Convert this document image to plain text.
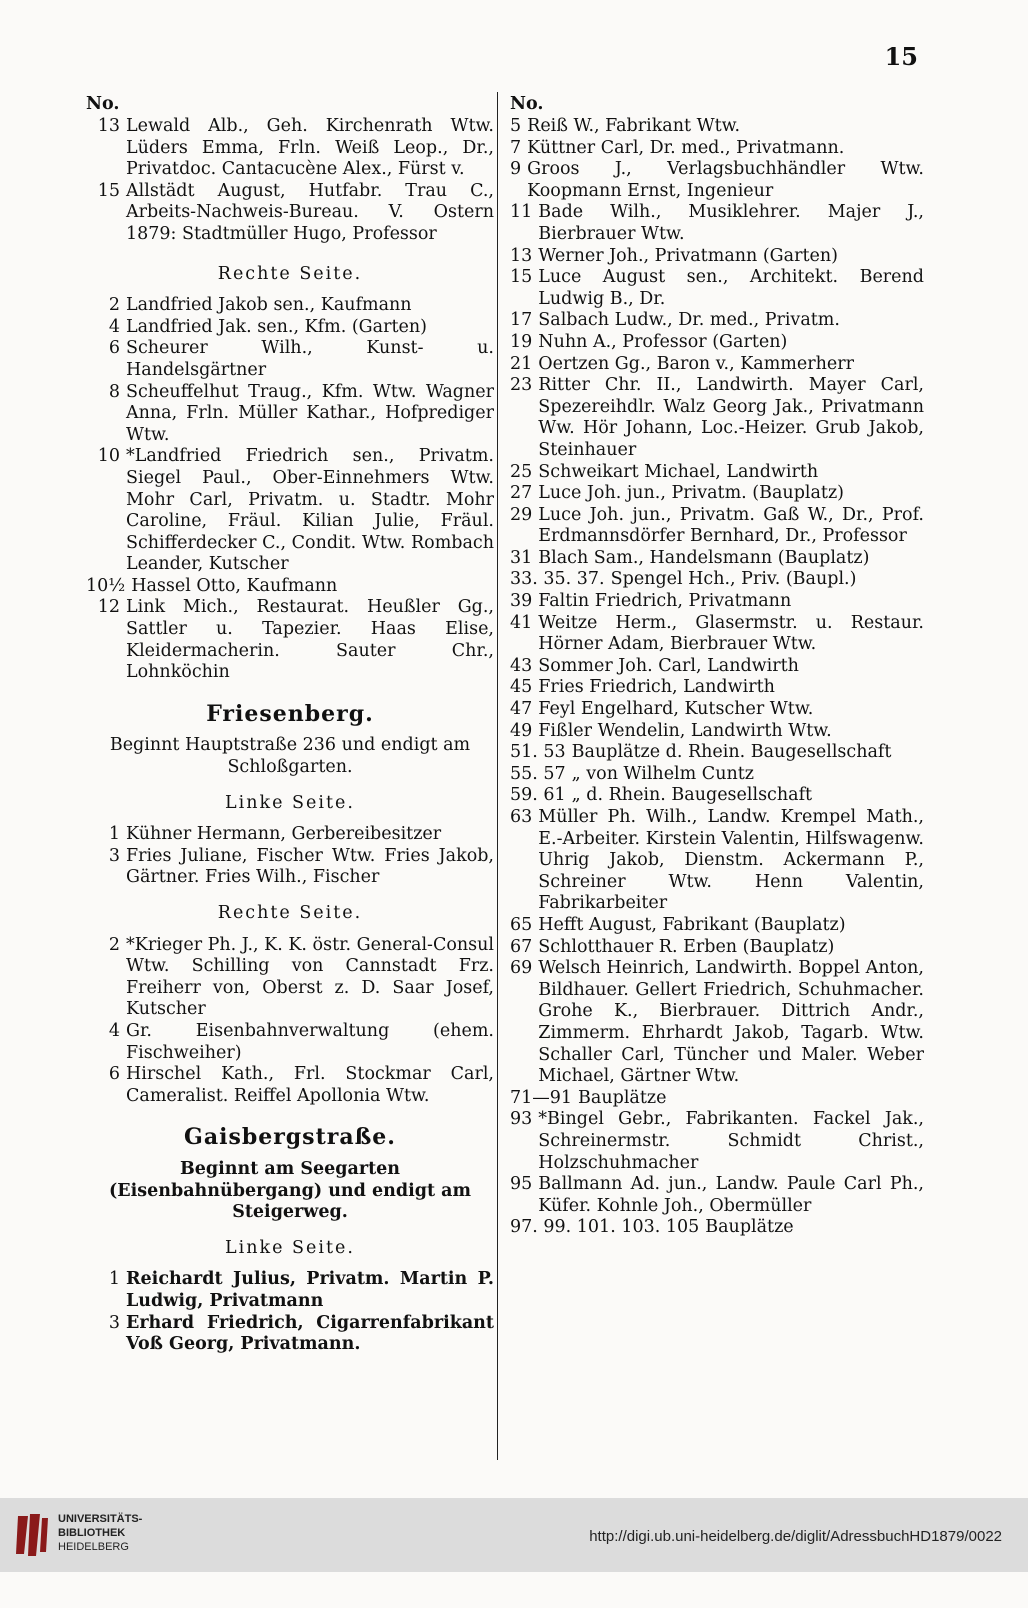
15
No.
13 Lewald Alb., Geh. Kirchenrath Wtw. Lüders Emma, Frln. Weiß Leop., Dr., Privatdoc. Cantacucène Alex., Fürst v.
15 Allstädt August, Hutfabr. Trau C., Arbeits-Nachweis-Bureau. V. Ostern 1879: Stadtmüller Hugo, Professor
Rechte Seite.
2 Landfried Jakob sen., Kaufmann
4 Landfried Jak. sen., Kfm. (Garten)
6 Scheurer Wilh., Kunst- u. Handelsgärtner
8 Scheuffelhut Traug., Kfm. Wtw. Wagner Anna, Frln. Müller Kathar., Hofprediger Wtw.
10 *Landfried Friedrich sen., Privatm. Siegel Paul., Ober-Einnehmers Wtw. Mohr Carl, Privatm. u. Stadtr. Mohr Caroline, Fräul. Kilian Julie, Fräul. Schifferdecker C., Condit. Wtw. Rombach Leander, Kutscher
10½ Hassel Otto, Kaufmann
12 Link Mich., Restaurat. Heußler Gg., Sattler u. Tapezier. Haas Elise, Kleidermacherin. Sauter Chr., Lohnköchin
Friesenberg.
Beginnt Hauptstraße 236 und endigt am Schloßgarten.
Linke Seite.
1 Kühner Hermann, Gerbereibesitzer
3 Fries Juliane, Fischer Wtw. Fries Jakob, Gärtner. Fries Wilh., Fischer
Rechte Seite.
2 *Krieger Ph. J., K. K. östr. General-Consul Wtw. Schilling von Cannstadt Frz. Freiherr von, Oberst z. D. Saar Josef, Kutscher
4 Gr. Eisenbahnverwaltung (ehem. Fischweiher)
6 Hirschel Kath., Frl. Stockmar Carl, Cameralist. Reiffel Apollonia Wtw.
Gaisbergstraße.
Beginnt am Seegarten (Eisenbahnübergang) und endigt am Steigerweg.
Linke Seite.
1 Reichardt Julius, Privatm. Martin P. Ludwig, Privatmann
3 Erhard Friedrich, Cigarrenfabrikant Voß Georg, Privatmann.
No.
5 Reiß W., Fabrikant Wtw.
7 Küttner Carl, Dr. med., Privatmann.
9 Groos J., Verlagsbuchhändler Wtw. Koopmann Ernst, Ingenieur
11 Bade Wilh., Musiklehrer. Majer J., Bierbrauer Wtw.
13 Werner Joh., Privatmann (Garten)
15 Luce August sen., Architekt. Berend Ludwig B., Dr.
17 Salbach Ludw., Dr. med., Privatm.
19 Nuhn A., Professor (Garten)
21 Oertzen Gg., Baron v., Kammerherr
23 Ritter Chr. II., Landwirth. Mayer Carl, Spezereihdlr. Walz Georg Jak., Privatmann Ww. Hör Johann, Loc.-Heizer. Grub Jakob, Steinhauer
25 Schweikart Michael, Landwirth
27 Luce Joh. jun., Privatm. (Bauplatz)
29 Luce Joh. jun., Privatm. Gaß W., Dr., Prof. Erdmannsdörfer Bernhard, Dr., Professor
31 Blach Sam., Handelsmann (Bauplatz)
33. 35. 37. Spengel Hch., Priv. (Baupl.)
39 Faltin Friedrich, Privatmann
41 Weitze Herm., Glasermstr. u. Restaur. Hörner Adam, Bierbrauer Wtw.
43 Sommer Joh. Carl, Landwirth
45 Fries Friedrich, Landwirth
47 Feyl Engelhard, Kutscher Wtw.
49 Fißler Wendelin, Landwirth Wtw.
51. 53 Bauplätze d. Rhein. Baugesellschaft
55. 57 „ von Wilhelm Cuntz
59. 61 „ d. Rhein. Baugesellschaft
63 Müller Ph. Wilh., Landw. Krempel Math., E.-Arbeiter. Kirstein Valentin, Hilfswagenw. Uhrig Jakob, Dienstm. Ackermann P., Schreiner Wtw. Henn Valentin, Fabrikarbeiter
65 Hefft August, Fabrikant (Bauplatz)
67 Schlotthauer R. Erben (Bauplatz)
69 Welsch Heinrich, Landwirth. Boppel Anton, Bildhauer. Gellert Friedrich, Schuhmacher. Grohe K., Bierbrauer. Dittrich Andr., Zimmerm. Ehrhardt Jakob, Tagarb. Wtw. Schaller Carl, Tüncher und Maler. Weber Michael, Gärtner Wtw.
71—91 Bauplätze
93 *Bingel Gebr., Fabrikanten. Fackel Jak., Schreinermstr. Schmidt Christ., Holzschuhmacher
95 Ballmann Ad. jun., Landw. Paule Carl Ph., Küfer. Kohnle Joh., Obermüller
97. 99. 101. 103. 105 Bauplätze
UNIVERSITÄTS-
BIBLIOTHEK
HEIDELBERG
http://digi.ub.uni-heidelberg.de/diglit/AdressbuchHD1879/0022
